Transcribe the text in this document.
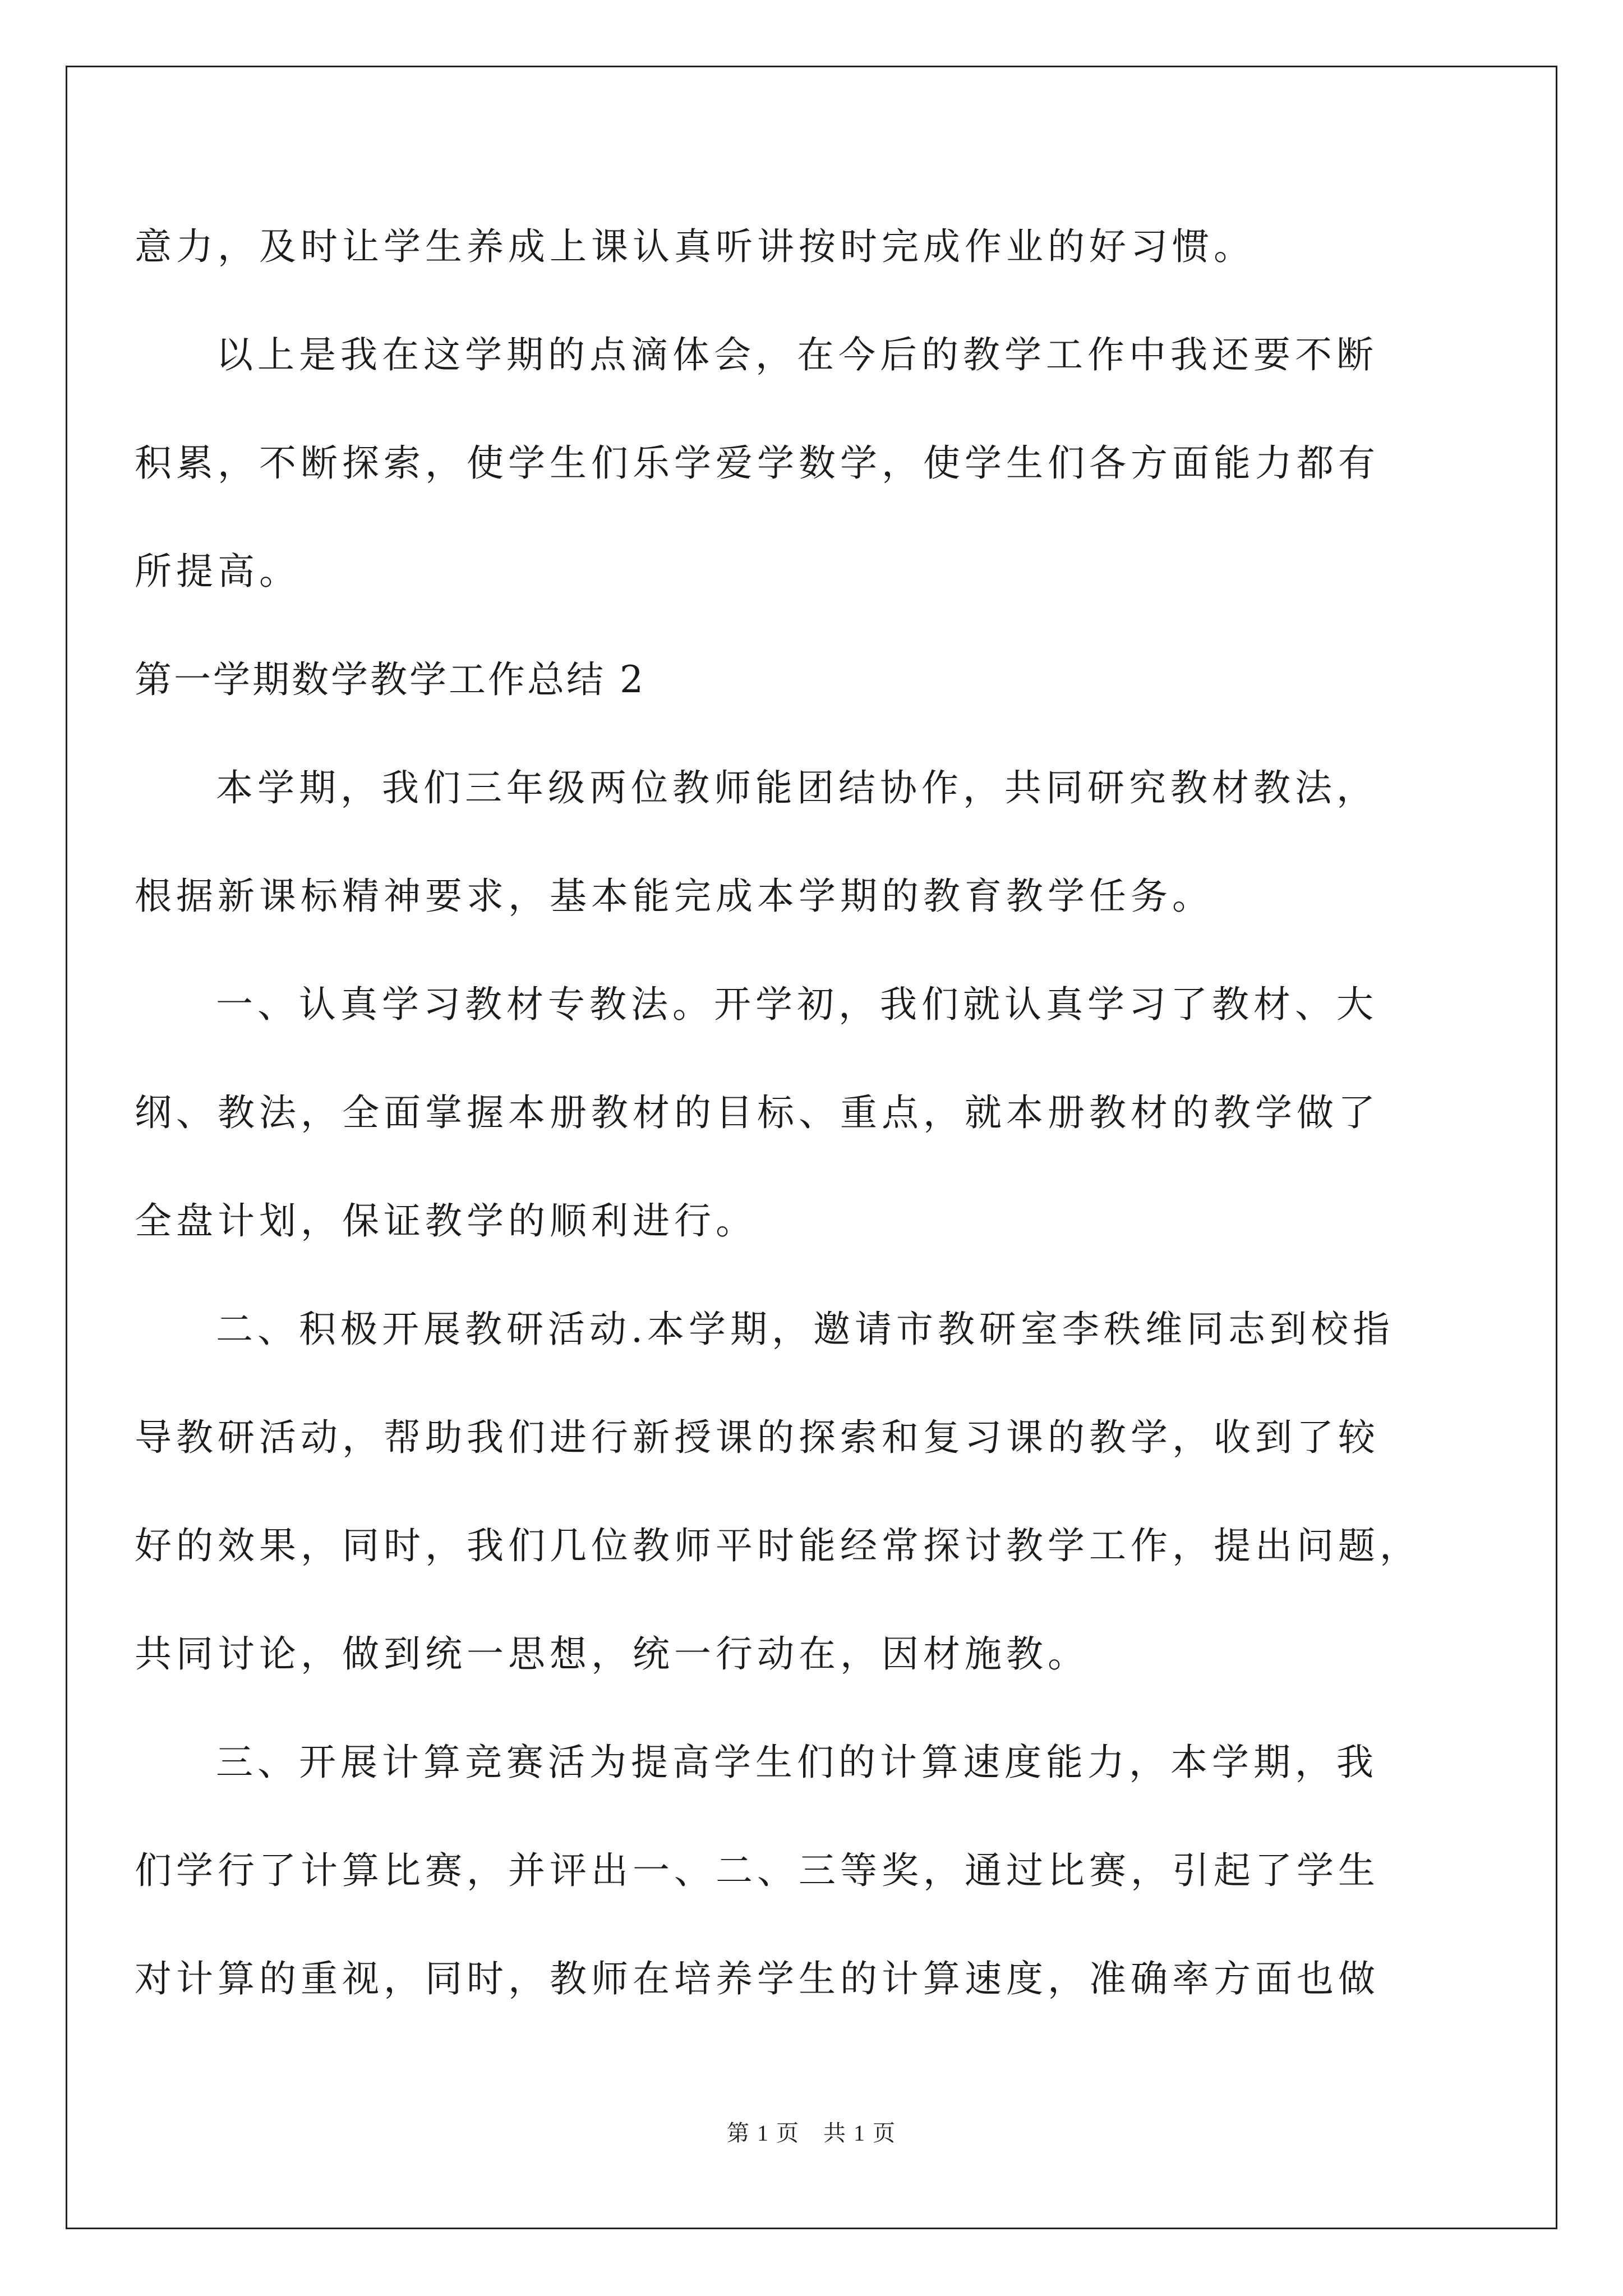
意力，及时让学生养成上课认真听讲按时完成作业的好习惯。
以上是我在这学期的点滴体会，在今后的教学工作中我还要不断
积累，不断探索，使学生们乐学爱学数学，使学生们各方面能力都有
所提高。
第一学期数学教学工作总结 2
本学期，我们三年级两位教师能团结协作，共同研究教材教法，
根据新课标精神要求，基本能完成本学期的教育教学任务。
一、认真学习教材专教法。开学初，我们就认真学习了教材、大
纲、教法，全面掌握本册教材的目标、重点，就本册教材的教学做了
全盘计划，保证教学的顺利进行。
二、积极开展教研活动.本学期，邀请市教研室李秩维同志到校指
导教研活动，帮助我们进行新授课的探索和复习课的教学，收到了较
好的效果，同时，我们几位教师平时能经常探讨教学工作，提出问题，
共同讨论，做到统一思想，统一行动在，因材施教。
三、开展计算竞赛活为提高学生们的计算速度能力，本学期，我
们学行了计算比赛，并评出一、二、三等奖，通过比赛，引起了学生
对计算的重视，同时，教师在培养学生的计算速度，准确率方面也做
第 1 页　共 1 页
